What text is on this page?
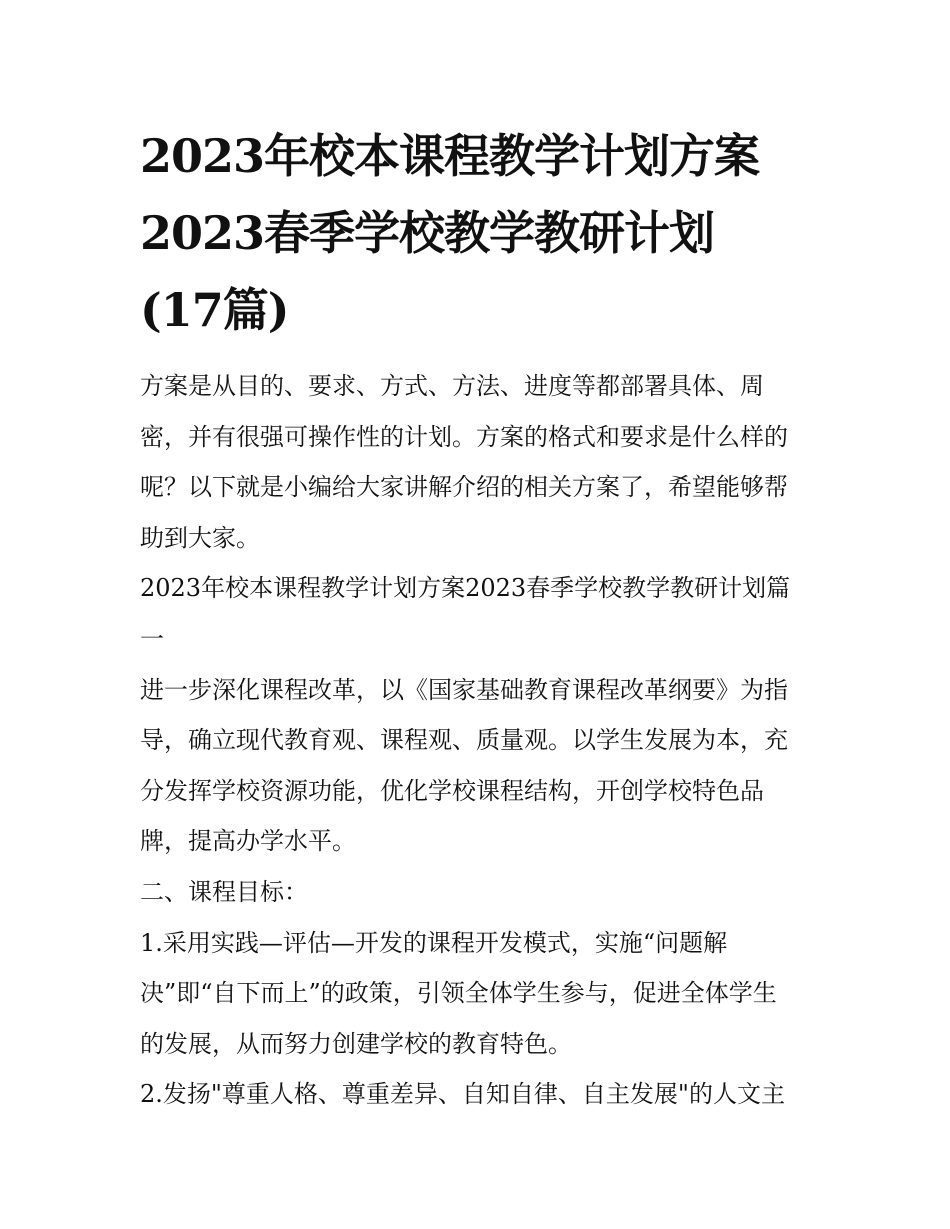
2023年校本课程教学计划方案
2023春季学校教学教研计划
(17篇)

方案是从目的、要求、方式、方法、进度等都部署具体、周
密，并有很强可操作性的计划。方案的格式和要求是什么样的
呢？以下就是小编给大家讲解介绍的相关方案了，希望能够帮
助到大家。

2023年校本课程教学计划方案2023春季学校教学教研计划篇
一

进一步深化课程改革，以《国家基础教育课程改革纲要》为指
导，确立现代教育观、课程观、质量观。以学生发展为本，充
分发挥学校资源功能，优化学校课程结构，开创学校特色品
牌，提高办学水平。

二、课程目标：

1.采用实践—评估—开发的课程开发模式，实施“问题解
决”即“自下而上”的政策，引领全体学生参与，促进全体学生
的发展，从而努力创建学校的教育特色。

2.发扬"尊重人格、尊重差异、自知自律、自主发展"的人文主
